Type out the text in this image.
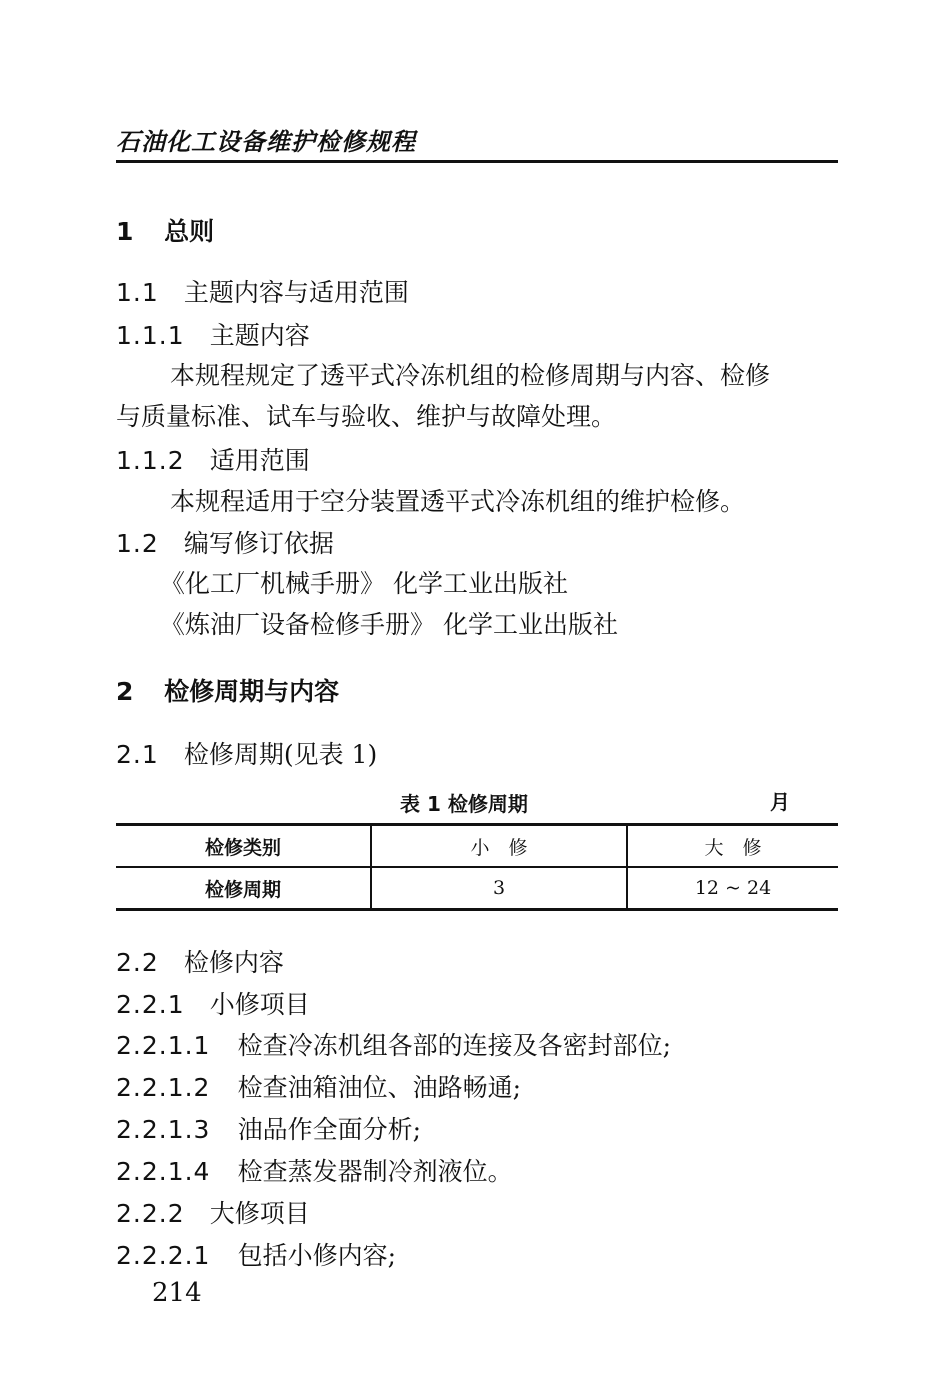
石油化工设备维护检修规程
1 总则
1.1 主题内容与适用范围
1.1.1 主题内容
本规程规定了透平式冷冻机组的检修周期与内容、检修
与质量标准、试车与验收、维护与故障处理。
1.1.2 适用范围
本规程适用于空分装置透平式冷冻机组的维护检修。
1.2 编写修订依据
《化工厂机械手册》 化学工业出版社
《炼油厂设备检修手册》 化学工业出版社
2 检修周期与内容
2.1 检修周期(见表 1)
表 1 检修周期	月
检修类别	小　修	大　修
检修周期	3	12 ~ 24
2.2 检修内容
2.2.1 小修项目
2.2.1.1 检查冷冻机组各部的连接及各密封部位;
2.2.1.2 检查油箱油位、油路畅通;
2.2.1.3 油品作全面分析;
2.2.1.4 检查蒸发器制冷剂液位。
2.2.2 大修项目
2.2.2.1 包括小修内容;
214
